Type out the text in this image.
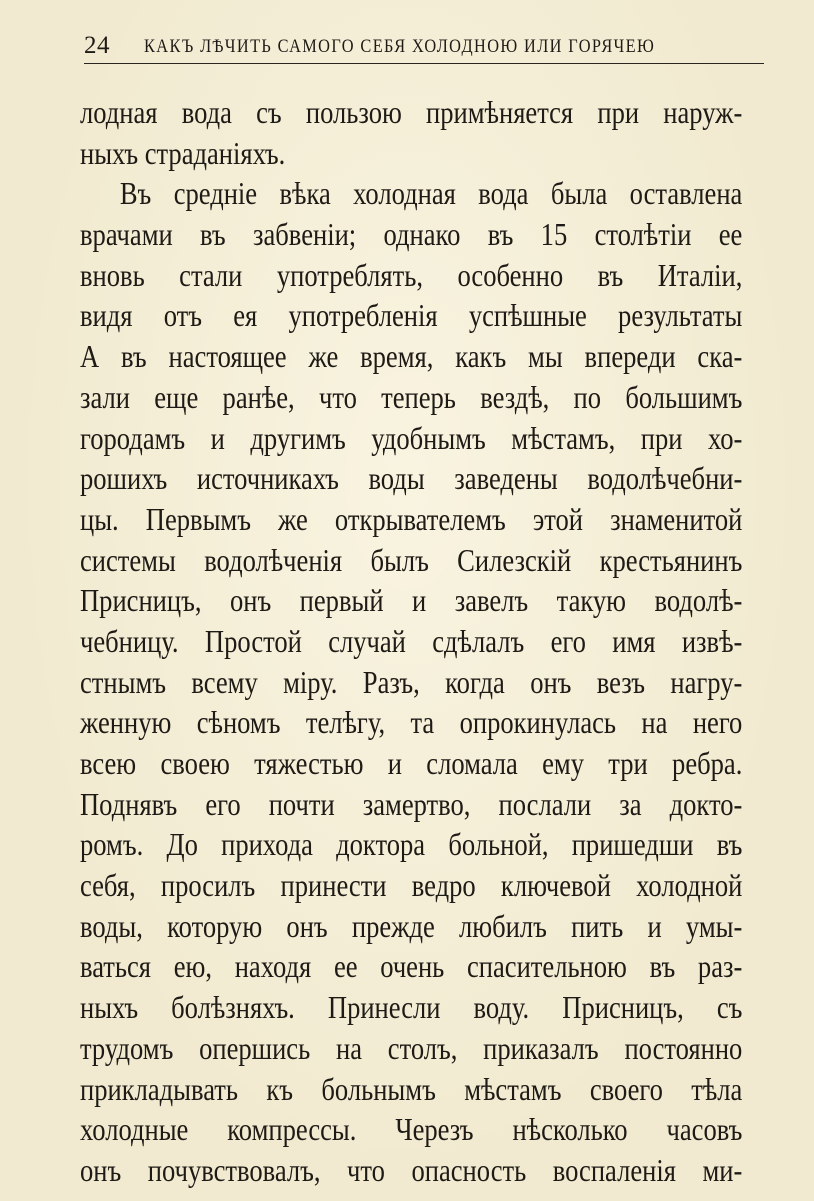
24 КАКЪ ЛѢЧИТЬ САМОГО СЕБЯ ХОЛОДНОЮ ИЛИ ГОРЯЧЕЮ
лодная вода съ пользою примѣняется при наруж-
ныхъ страданіяхъ.
Въ средніе вѣка холодная вода была оставлена
врачами въ забвеніи; однако въ 15 столѣтіи ее
вновь стали употреблять, особенно въ Италіи,
видя отъ ея употребленія успѣшные результаты
А въ настоящее же время, какъ мы впереди ска-
зали еще ранѣе, что теперь вездѣ, по большимъ
городамъ и другимъ удобнымъ мѣстамъ, при хо-
рошихъ источникахъ воды заведены водолѣчебни-
цы. Первымъ же открывателемъ этой знаменитой
системы водолѣченія былъ Силезскій крестьянинъ
Присницъ, онъ первый и завелъ такую водолѣ-
чебницу. Простой случай сдѣлалъ его имя извѣ-
стнымъ всему міру. Разъ, когда онъ везъ нагру-
женную сѣномъ телѣгу, та опрокинулась на него
всею своею тяжестью и сломала ему три ребра.
Поднявъ его почти замертво, послали за докто-
ромъ. До прихода доктора больной, пришедши въ
себя, просилъ принести ведро ключевой холодной
воды, которую онъ прежде любилъ пить и умы-
ваться ею, находя ее очень спасительною въ раз-
ныхъ болѣзняхъ. Принесли воду. Присницъ, съ
трудомъ опершись на столъ, приказалъ постоянно
прикладывать къ больнымъ мѣстамъ своего тѣла
холодные компрессы. Черезъ нѣсколько часовъ
онъ почувствовалъ, что опасность воспаленія ми-
